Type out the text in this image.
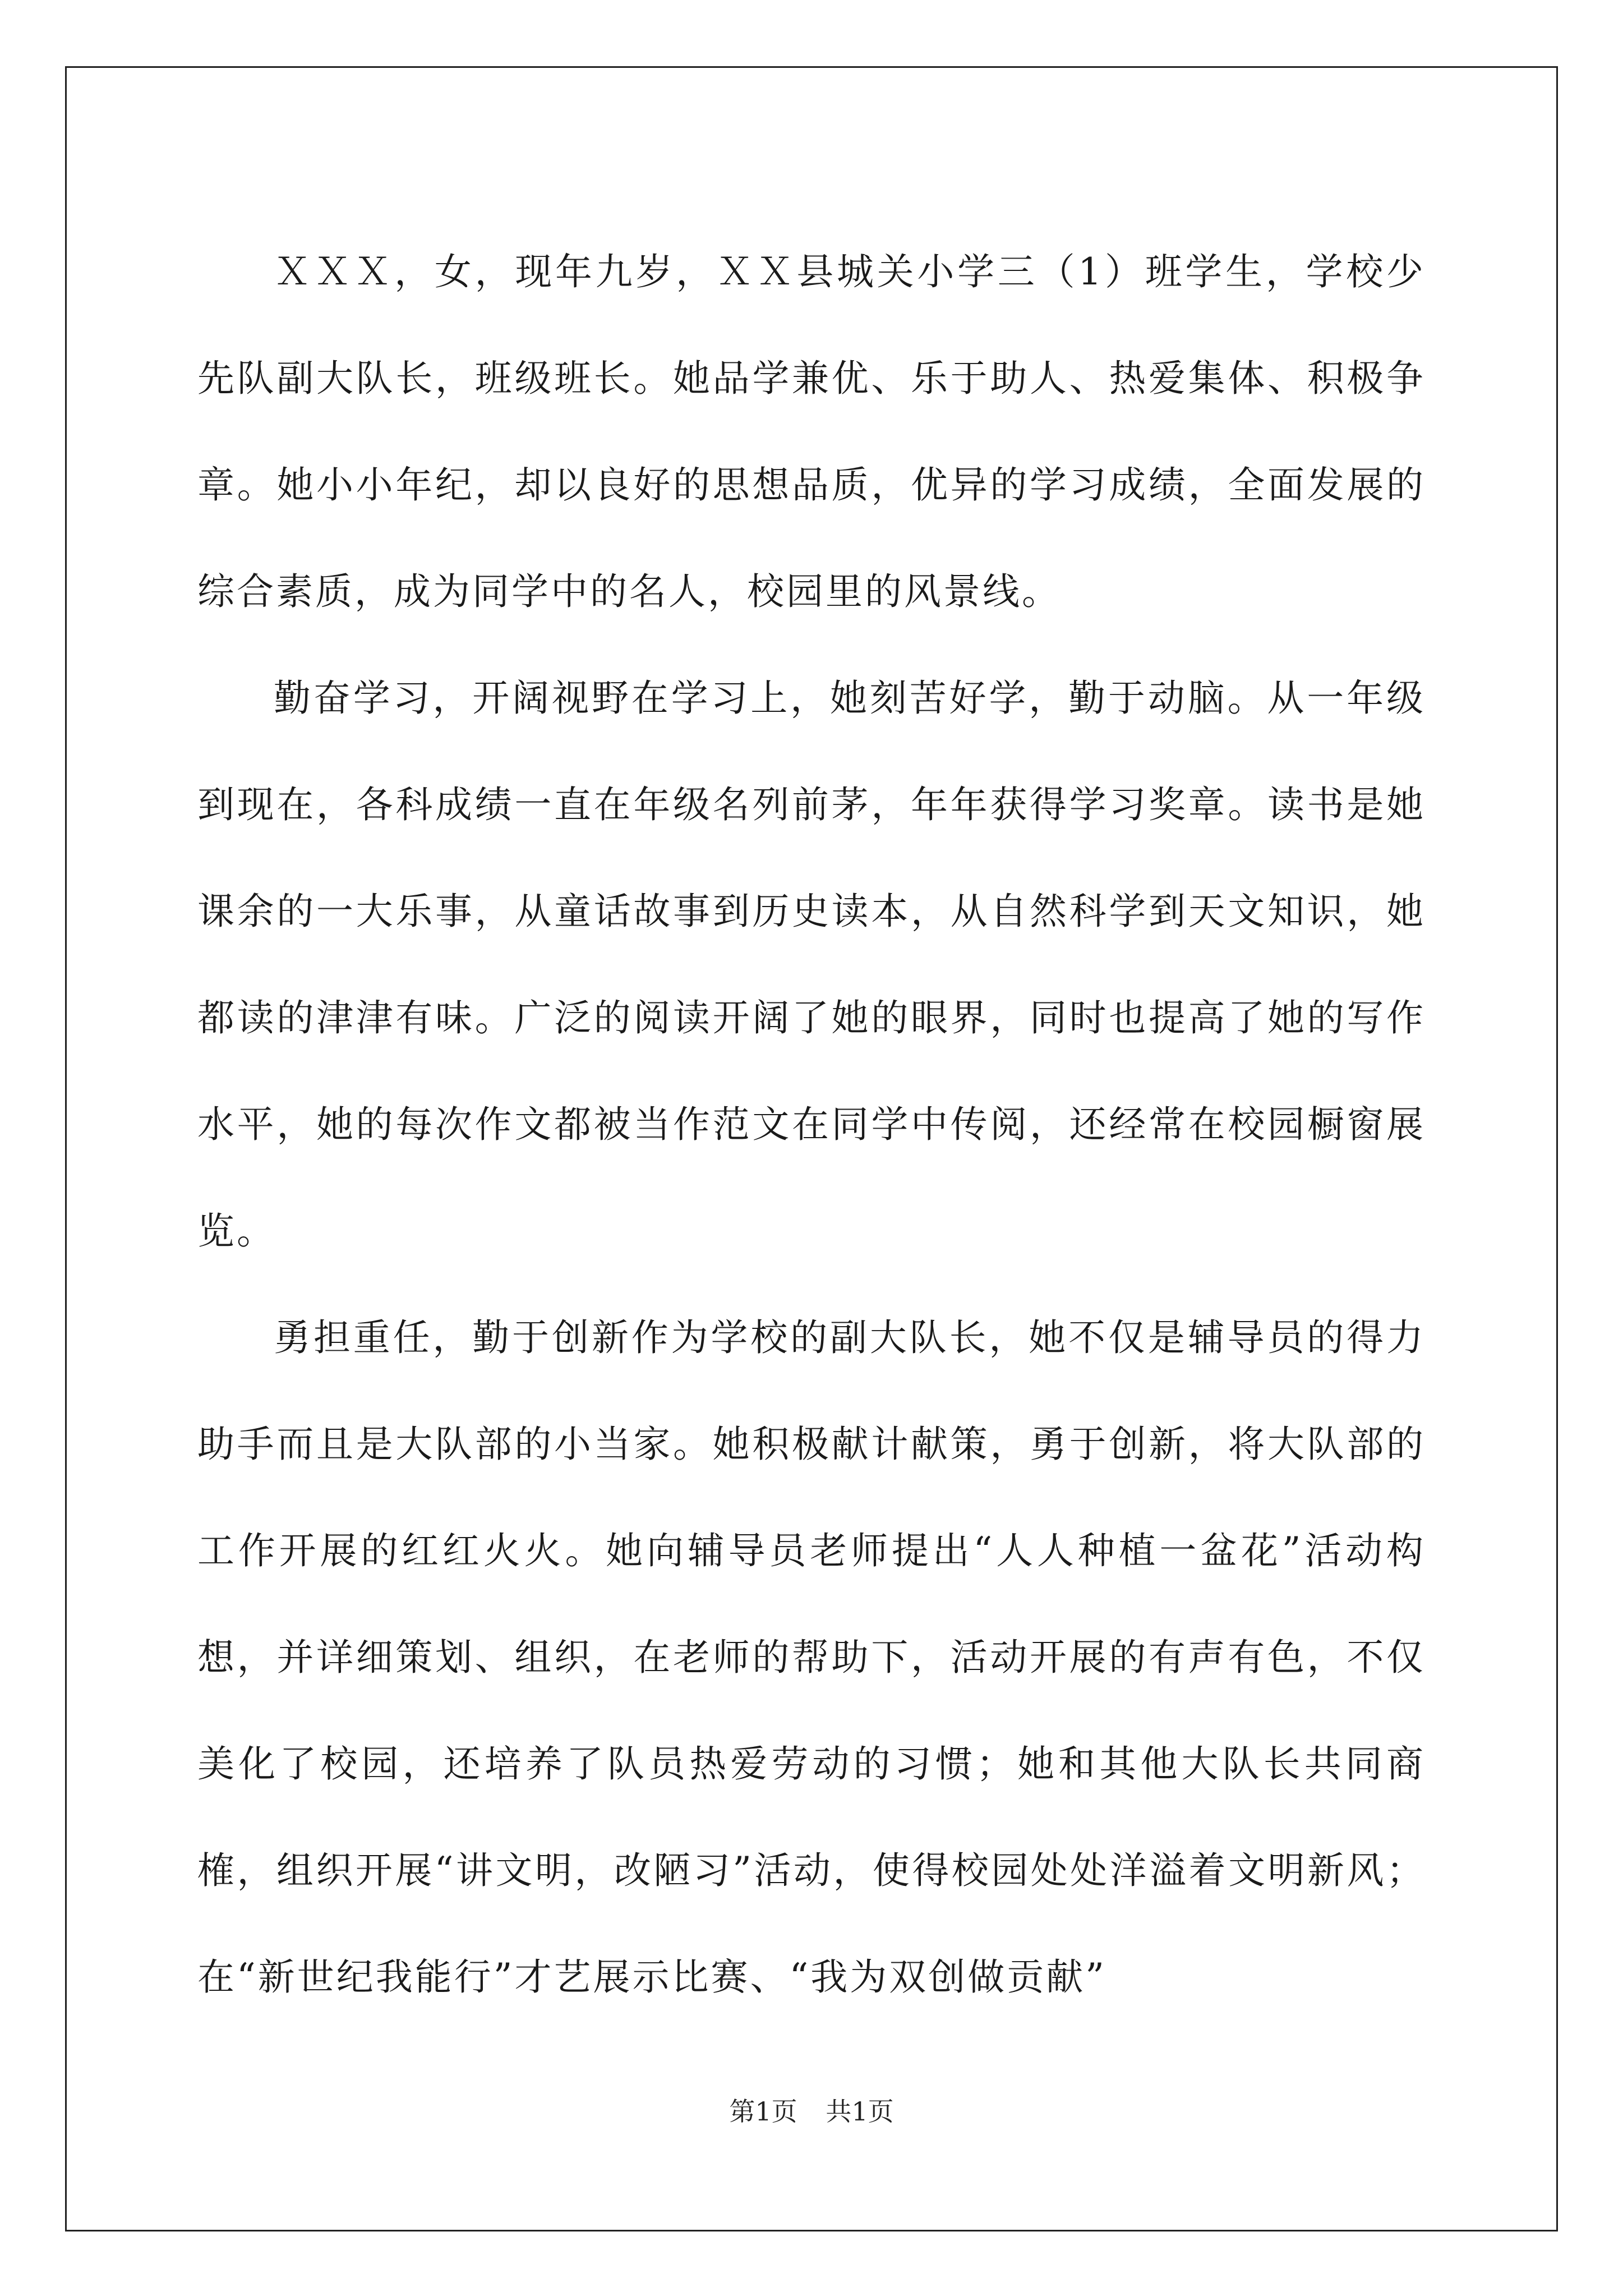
ＸＸＸ，女，现年九岁，ＸＸ县城关小学三（1）班学生，学校少先队副大队长，班级班长。她品学兼优、乐于助人、热爱集体、积极争章。她小小年纪，却以良好的思想品质，优异的学习成绩，全面发展的综合素质，成为同学中的名人，校园里的风景线。

勤奋学习，开阔视野在学习上，她刻苦好学，勤于动脑。从一年级到现在，各科成绩一直在年级名列前茅，年年获得学习奖章。读书是她课余的一大乐事，从童话故事到历史读本，从自然科学到天文知识，她都读的津津有味。广泛的阅读开阔了她的眼界，同时也提高了她的写作水平，她的每次作文都被当作范文在同学中传阅，还经常在校园橱窗展览。

勇担重任，勤于创新作为学校的副大队长，她不仅是辅导员的得力助手而且是大队部的小当家。她积极献计献策，勇于创新，将大队部的工作开展的红红火火。她向辅导员老师提出“人人种植一盆花”活动构想，并详细策划、组织，在老师的帮助下，活动开展的有声有色，不仅美化了校园，还培养了队员热爱劳动的习惯；她和其他大队长共同商榷，组织开展“讲文明，改陋习”活动，使得校园处处洋溢着文明新风；在“新世纪我能行”才艺展示比赛、“我为双创做贡献”

第1页 共1页
